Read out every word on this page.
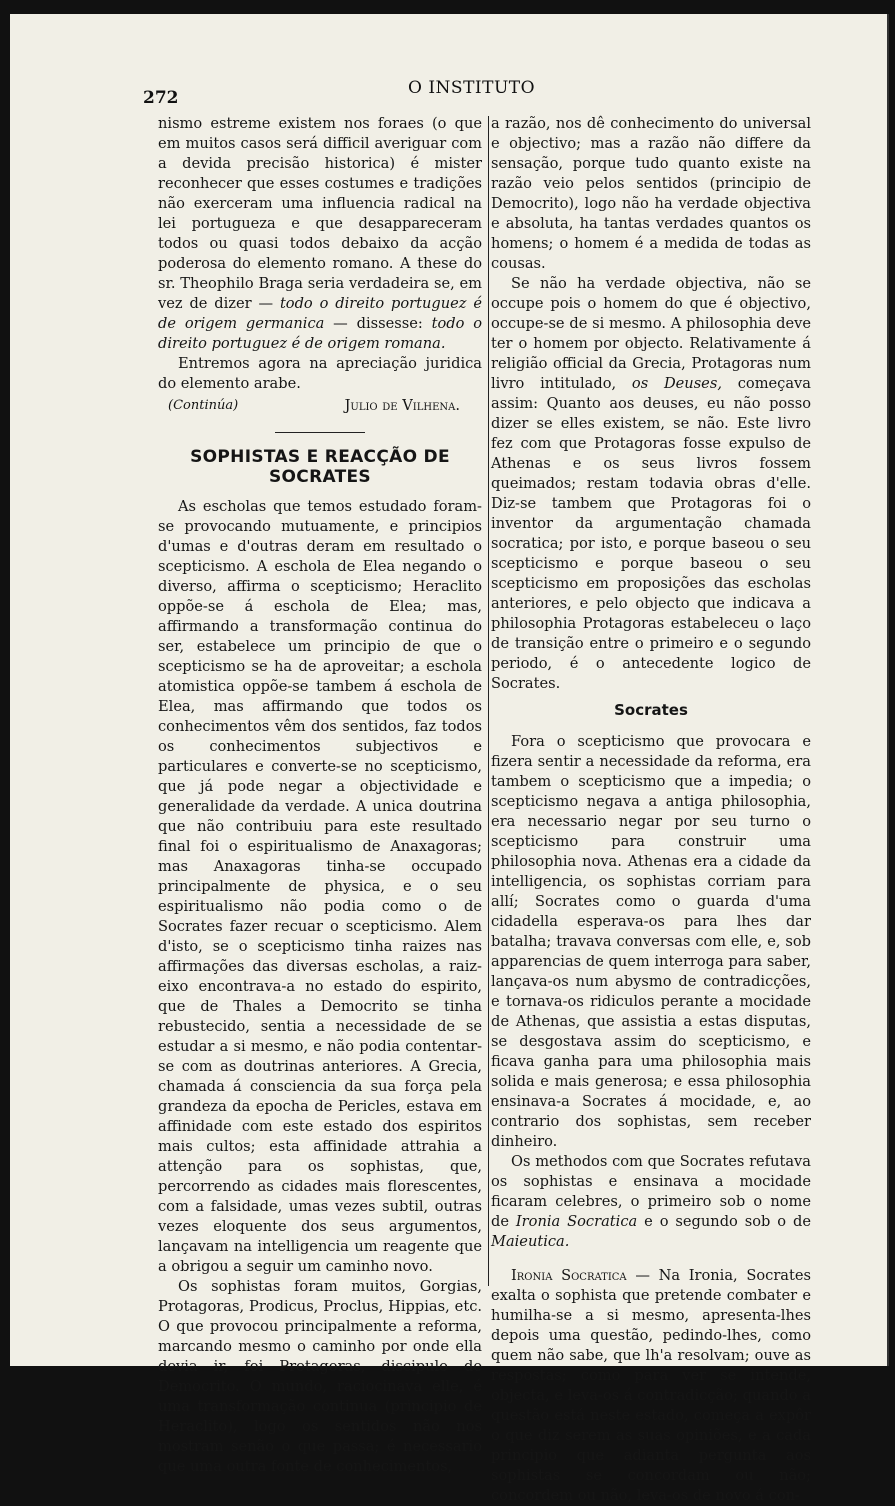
272	O INSTITUTO

nismo estreme existem nos foraes (o que em muitos casos será difficil averiguar com a devida precisão historica) é mister reconhecer que esses costumes e tradições não exerceram uma influencia radical na lei portugueza e que desappareceram todos ou quasi todos debaixo da acção poderosa do elemento romano. A these do sr. Theophilo Braga seria verdadeira se, em vez de dizer — todo o direito portuguez é de origem germanica — dissesse: todo o direito portuguez é de origem romana.

Entremos agora na apreciação juridica do elemento arabe.

(Continúa)	Julio de Vilhena.
SOPHISTAS E REACÇÃO DE SOCRATES

As escholas que temos estudado foram-se provocando mutuamente, e principios d'umas e d'outras deram em resultado o scepticismo. A eschola de Elea negando o diverso, affirma o scepticismo; Heraclito oppõe-se á eschola de Elea; mas, affirmando a transformação continua do ser, estabelece um principio de que o scepticismo se ha de aproveitar; a eschola atomistica oppõe-se tambem á eschola de Elea, mas affirmando que todos os conhecimentos vêm dos sentidos, faz todos os conhecimentos subjectivos e particulares e converte-se no scepticismo, que já pode negar a objectividade e generalidade da verdade. A unica doutrina que não contribuiu para este resultado final foi o espiritualismo de Anaxagoras; mas Anaxagoras tinha-se occupado principalmente de physica, e o seu espiritualismo não podia como o de Socrates fazer recuar o scepticismo. Alem d'isto, se o scepticismo tinha raizes nas affirmações das diversas escholas, a raiz-eixo encontrava-a no estado do espirito, que de Thales a Democrito se tinha rebustecido, sentia a necessidade de se estudar a si mesmo, e não podia contentar-se com as doutrinas anteriores. A Grecia, chamada á consciencia da sua força pela grandeza da epocha de Pericles, estava em affinidade com este estado dos espiritos mais cultos; esta affinidade attrahia a attenção para os sophistas, que, percorrendo as cidades mais florescentes, com a falsidade, umas vezes subtil, outras vezes eloquente dos seus argumentos, lançavam na intelligencia um reagente que a obrigou a seguir um caminho novo.

Os sophistas foram muitos, Gorgias, Protagoras, Prodicus, Proclus, Hippias, etc. O que provocou principalmente a reforma, marcando mesmo o caminho por onde ella devia ir, foi Protagoras, discipulo de Democrito. O mundo, raciocinava elle, é uma transformação continua (principio de Heraclito), logo os sentidos não nos mostram senão o que passa; é necessario que uma outra fonte de conhecimentos,

a razão, nos dê conhecimento do universal e objectivo; mas a razão não differe da sensação, porque tudo quanto existe na razão veio pelos sentidos (principio de Democrito), logo não ha verdade objectiva e absoluta, ha tantas verdades quantos os homens; o homem é a medida de todas as cousas.

Se não ha verdade objectiva, não se occupe pois o homem do que é objectivo, occupe-se de si mesmo. A philosophia deve ter o homem por objecto. Relativamente á religião official da Grecia, Protagoras num livro intitulado, os Deuses, começava assim: Quanto aos deuses, eu não posso dizer se elles existem, se não. Este livro fez com que Protagoras fosse expulso de Athenas e os seus livros fossem queimados; restam todavia obras d'elle. Diz-se tambem que Protagoras foi o inventor da argumentação chamada socratica; por isto, e porque baseou o seu scepticismo e porque baseou o seu scepticismo em proposições das escholas anteriores, e pelo objecto que indicava a philosophia Protagoras estabeleceu o laço de transição entre o primeiro e o segundo periodo, é o antecedente logico de Socrates.

Socrates

Fora o scepticismo que provocara e fizera sentir a necessidade da reforma, era tambem o scepticismo que a impedia; o scepticismo negava a antiga philosophia, era necessario negar por seu turno o scepticismo para construir uma philosophia nova. Athenas era a cidade da intelligencia, os sophistas corriam para allí; Socrates como o guarda d'uma cidadella esperava-os para lhes dar batalha; travava conversas com elle, e, sob apparencias de quem interroga para saber, lançava-os num abysmo de contradicções, e tornava-os ridiculos perante a mocidade de Athenas, que assistia a estas disputas, se desgostava assim do scepticismo, e ficava ganha para uma philosophia mais solida e mais generosa; e essa philosophia ensinava-a Socrates á mocidade, e, ao contrario dos sophistas, sem receber dinheiro.

Os methodos com que Socrates refutava os sophistas e ensinava a mocidade ficaram celebres, o primeiro sob o nome de Ironia Socratica e o segundo sob o de Maieutica.

Ironia Socratica — Na Ironia, Socrates exalta o sophista que pretende combater e humilha-se a si mesmo, apresenta-lhes depois uma questão, pedindo-lhes, como quem não sabe, que lh'a resolvam; ouve as respostas; como para ver se intende, objecta, e leva-os á contradicção; quando a questão está neste estado, começa a expôr o que diz serem as suas opiniões, e a cada principio que adianta pergunta aos sophistas se concordam ou não; concordem ou não, leva-os de novo á con-
